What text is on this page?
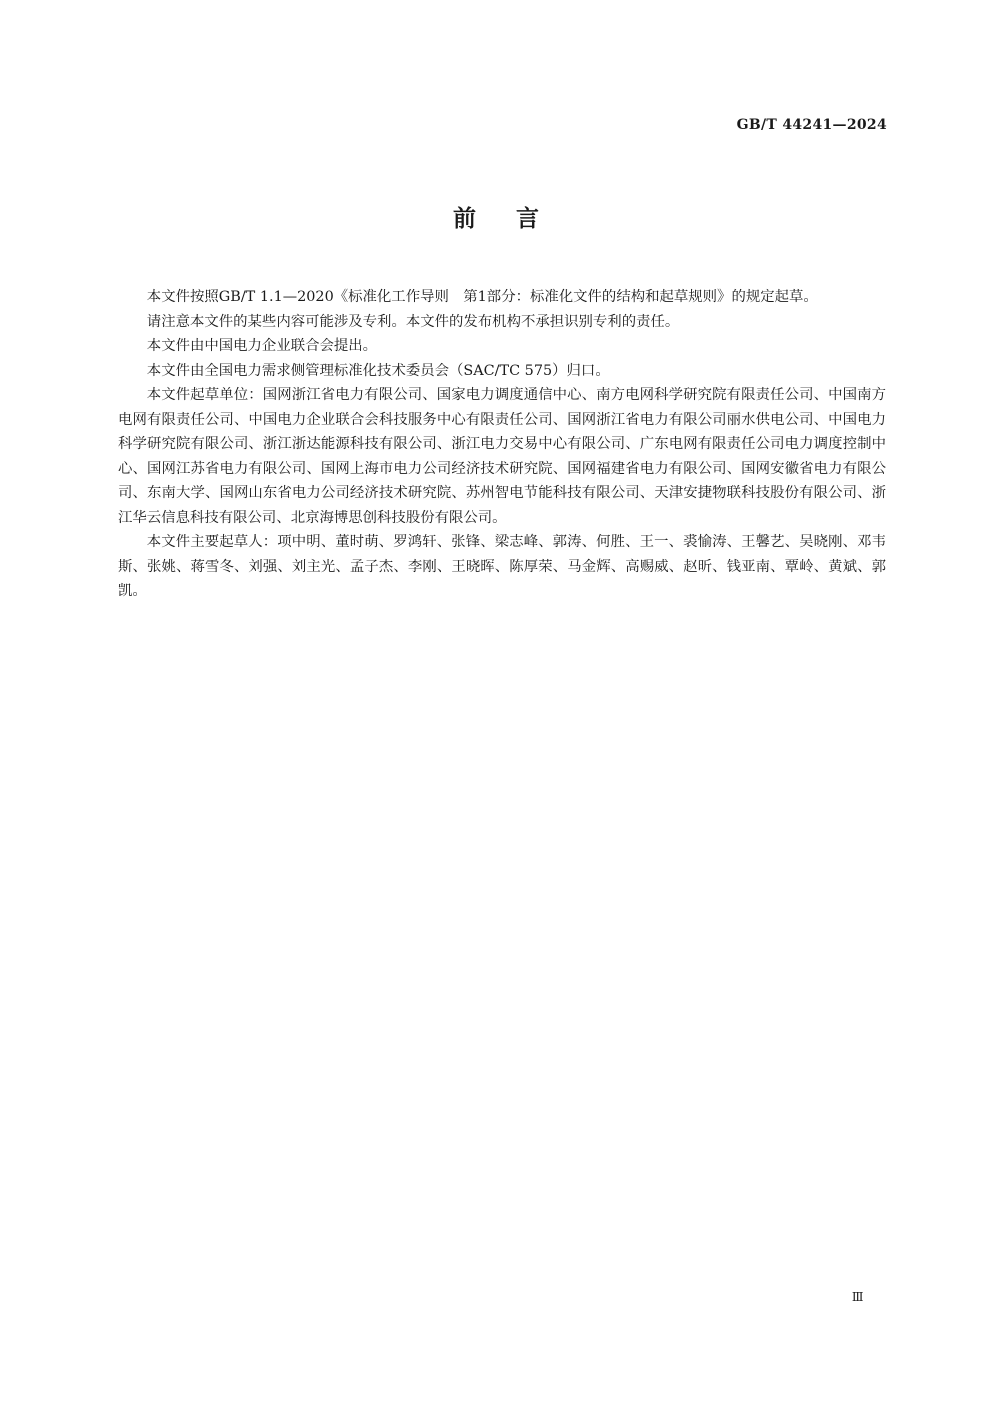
GB/T 44241—2024
前言

本文件按照GB/T 1.1—2020《标准化工作导则　第1部分：标准化文件的结构和起草规则》的规定起草。

请注意本文件的某些内容可能涉及专利。本文件的发布机构不承担识别专利的责任。

本文件由中国电力企业联合会提出。

本文件由全国电力需求侧管理标准化技术委员会（SAC/TC 575）归口。

本文件起草单位：国网浙江省电力有限公司、国家电力调度通信中心、南方电网科学研究院有限责任公司、中国南方电网有限责任公司、中国电力企业联合会科技服务中心有限责任公司、国网浙江省电力有限公司丽水供电公司、中国电力科学研究院有限公司、浙江浙达能源科技有限公司、浙江电力交易中心有限公司、广东电网有限责任公司电力调度控制中心、国网江苏省电力有限公司、国网上海市电力公司经济技术研究院、国网福建省电力有限公司、国网安徽省电力有限公司、东南大学、国网山东省电力公司经济技术研究院、苏州智电节能科技有限公司、天津安捷物联科技股份有限公司、浙江华云信息科技有限公司、北京海博思创科技股份有限公司。

本文件主要起草人：项中明、董时萌、罗鸿轩、张锋、梁志峰、郭涛、何胜、王一、裘愉涛、王馨艺、吴晓刚、邓韦斯、张姚、蒋雪冬、刘强、刘主光、孟子杰、李刚、王晓晖、陈厚荣、马金辉、高赐威、赵昕、钱亚南、覃岭、黄斌、郭凯。

Ⅲ
